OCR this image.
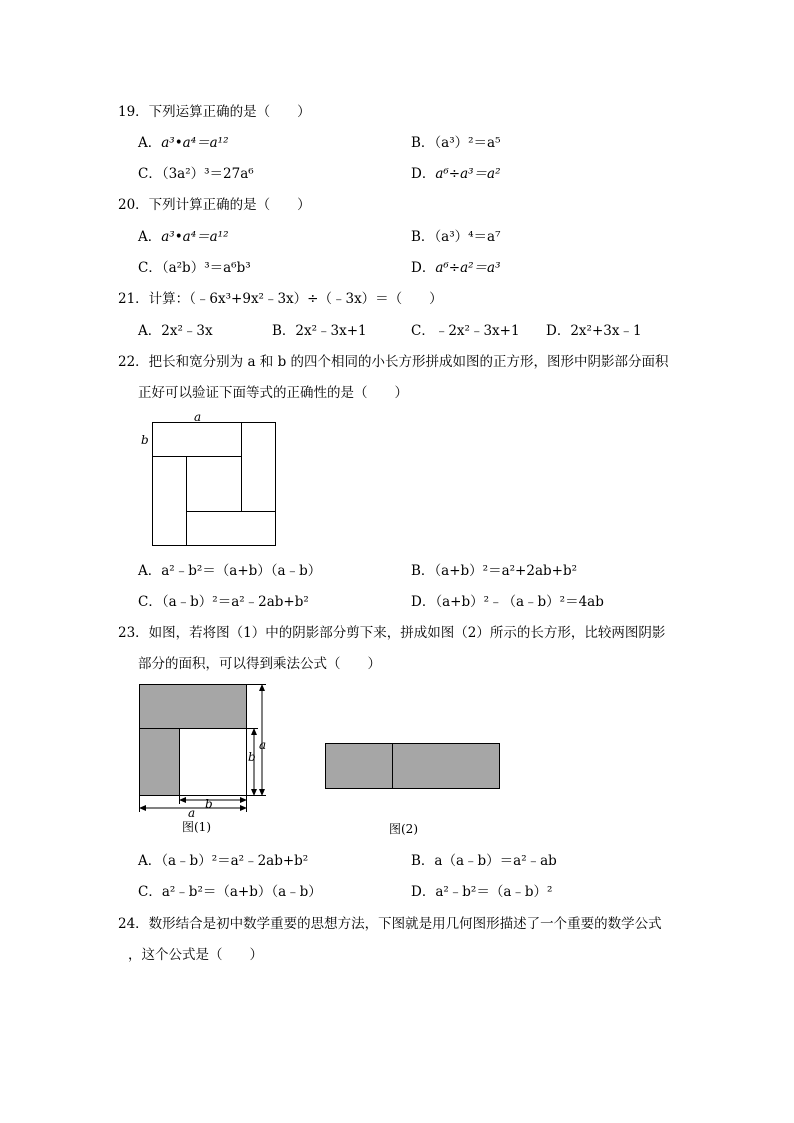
19．下列运算正确的是（　　）
A．a³•a⁴＝a¹²	B．（a³）²＝a⁵
C．（3a²）³＝27a⁶	D．a⁶÷a³＝a²
20．下列计算正确的是（　　）
A．a³•a⁴＝a¹²	B．（a³）⁴＝a⁷
C．（a²b）³＝a⁶b³	D．a⁶÷a²＝a³
21．计算：（﹣6x³+9x²﹣3x）÷（﹣3x）＝（　　）
A．2x²﹣3x	B．2x²﹣3x+1	C．﹣2x²﹣3x+1 D．2x²+3x﹣1
22．把长和宽分别为 a 和 b 的四个相同的小长方形拼成如图的正方形，图形中阴影部分面积
正好可以验证下面等式的正确性的是（　　）
a
b
A．a²﹣b²＝（a+b）（a﹣b）	B．（a+b）²＝a²+2ab+b²
C．（a﹣b）²＝a²﹣2ab+b²	D．（a+b）²﹣（a﹣b）²＝4ab
23．如图，若将图（1）中的阴影部分剪下来，拼成如图（2）所示的长方形，比较两图阴影
部分的面积，可以得到乘法公式（　　）
a
b
b
a
图(1)	图(2)
A．（a﹣b）²＝a²﹣2ab+b²	B．a（a﹣b）＝a²﹣ab
C．a²﹣b²＝（a+b）（a﹣b）	D．a²﹣b²＝（a﹣b）²
24．数形结合是初中数学重要的思想方法，下图就是用几何图形描述了一个重要的数学公式
，这个公式是（　　）
